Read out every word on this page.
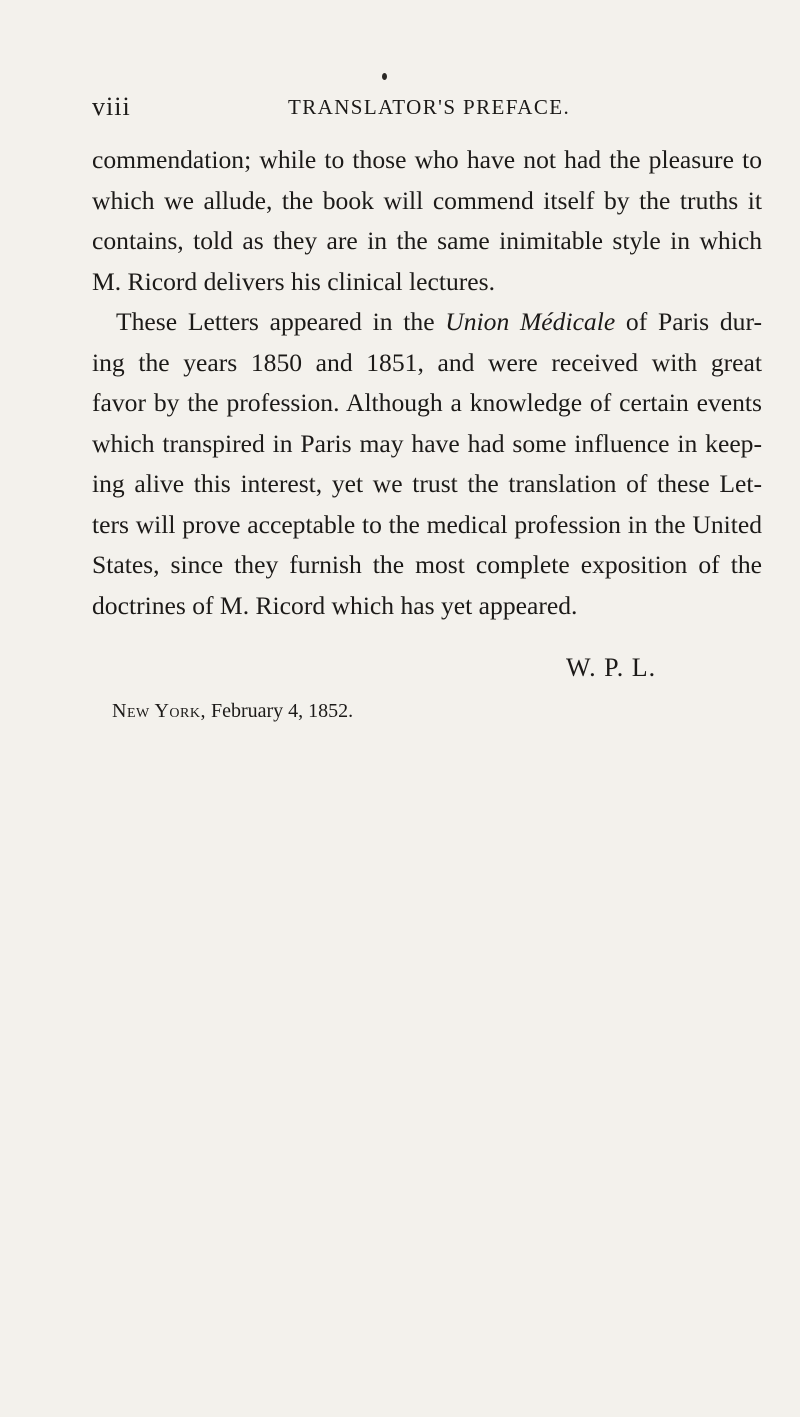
viii	TRANSLATOR'S PREFACE.
commendation; while to those who have not had the pleasure to
which we allude, the book will commend itself by the truths it
contains, told as they are in the same inimitable style in which
M. Ricord delivers his clinical lectures.
These Letters appeared in the Union Médicale of Paris dur-
ing the years 1850 and 1851, and were received with great
favor by the profession. Although a knowledge of certain events
which transpired in Paris may have had some influence in keep-
ing alive this interest, yet we trust the translation of these Let-
ters will prove acceptable to the medical profession in the United
States, since they furnish the most complete exposition of the
doctrines of M. Ricord which has yet appeared.
W. P. L.
New York, February 4, 1852.
